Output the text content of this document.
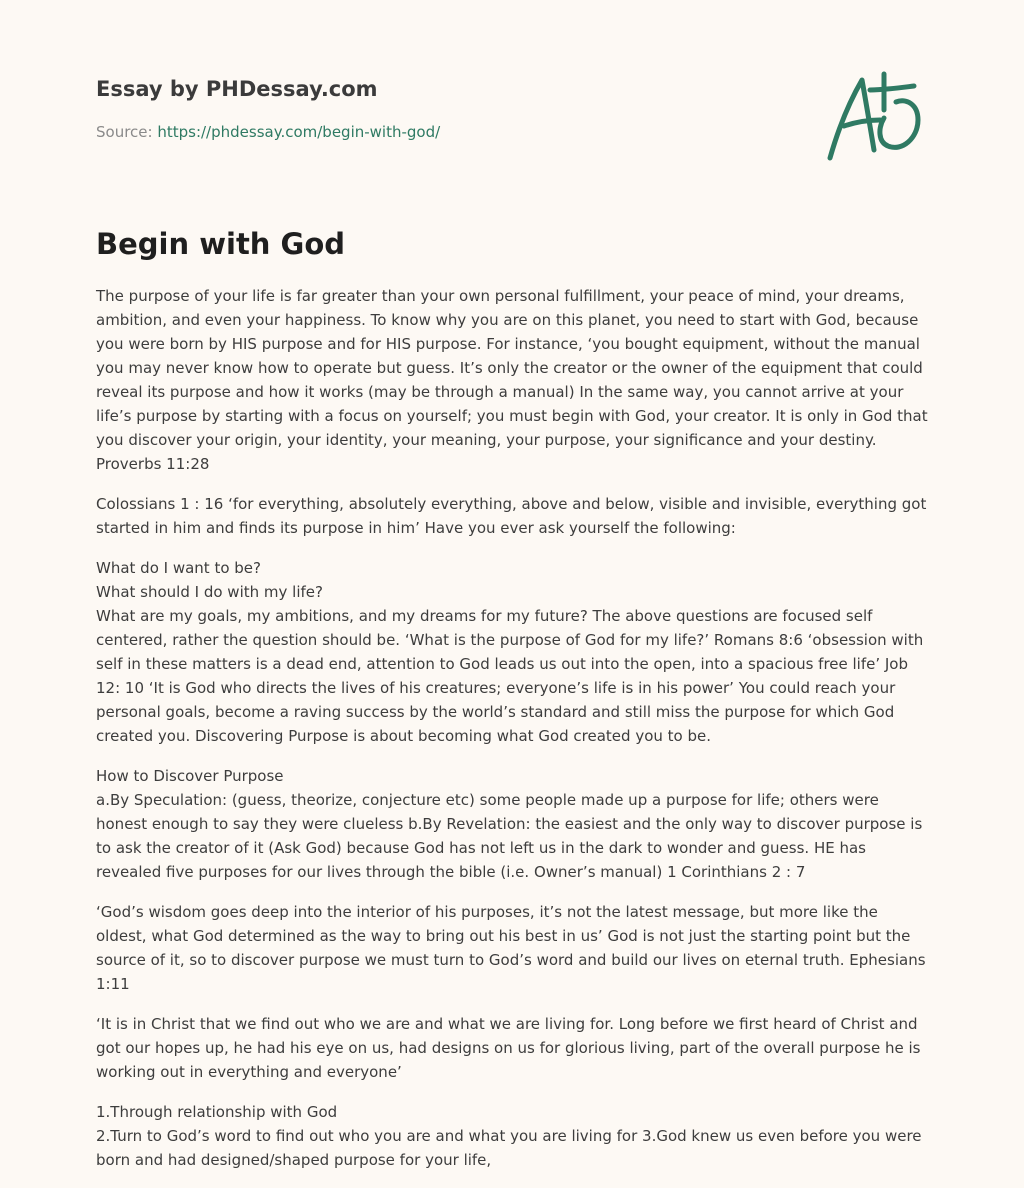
Essay by PHDessay.com
Source: https://phdessay.com/begin-with-god/
Begin with God

The purpose of your life is far greater than your own personal fulfillment, your peace of mind, your dreams, ambition, and even your happiness. To know why you are on this planet, you need to start with God, because you were born by HIS purpose and for HIS purpose. For instance, ‘you bought equipment, without the manual you may never know how to operate but guess. It’s only the creator or the owner of the equipment that could reveal its purpose and how it works (may be through a manual) In the same way, you cannot arrive at your life’s purpose by starting with a focus on yourself; you must begin with God, your creator. It is only in God that you discover your origin, your identity, your meaning, your purpose, your significance and your destiny. Proverbs 11:28

Colossians 1 : 16 ‘for everything, absolutely everything, above and below, visible and invisible, everything got started in him and finds its purpose in him’ Have you ever ask yourself the following:

What do I want to be?
What should I do with my life?
What are my goals, my ambitions, and my dreams for my future? The above questions are focused self centered, rather the question should be. ‘What is the purpose of God for my life?’ Romans 8:6 ‘obsession with self in these matters is a dead end, attention to God leads us out into the open, into a spacious free life’ Job 12: 10 ‘It is God who directs the lives of his creatures; everyone’s life is in his power’ You could reach your personal goals, become a raving success by the world’s standard and still miss the purpose for which God created you. Discovering Purpose is about becoming what God created you to be.

How to Discover Purpose
a.By Speculation: (guess, theorize, conjecture etc) some people made up a purpose for life; others were honest enough to say they were clueless b.By Revelation: the easiest and the only way to discover purpose is to ask the creator of it (Ask God) because God has not left us in the dark to wonder and guess. HE has revealed five purposes for our lives through the bible (i.e. Owner’s manual) 1 Corinthians 2 : 7

‘God’s wisdom goes deep into the interior of his purposes, it’s not the latest message, but more like the oldest, what God determined as the way to bring out his best in us’ God is not just the starting point but the source of it, so to discover purpose we must turn to God’s word and build our lives on eternal truth. Ephesians 1:11

‘It is in Christ that we find out who we are and what we are living for. Long before we first heard of Christ and got our hopes up, he had his eye on us, had designs on us for glorious living, part of the overall purpose he is working out in everything and everyone’

1.Through relationship with God
2.Turn to God’s word to find out who you are and what you are living for 3.God knew us even before you were born and had designed/shaped purpose for your life,
